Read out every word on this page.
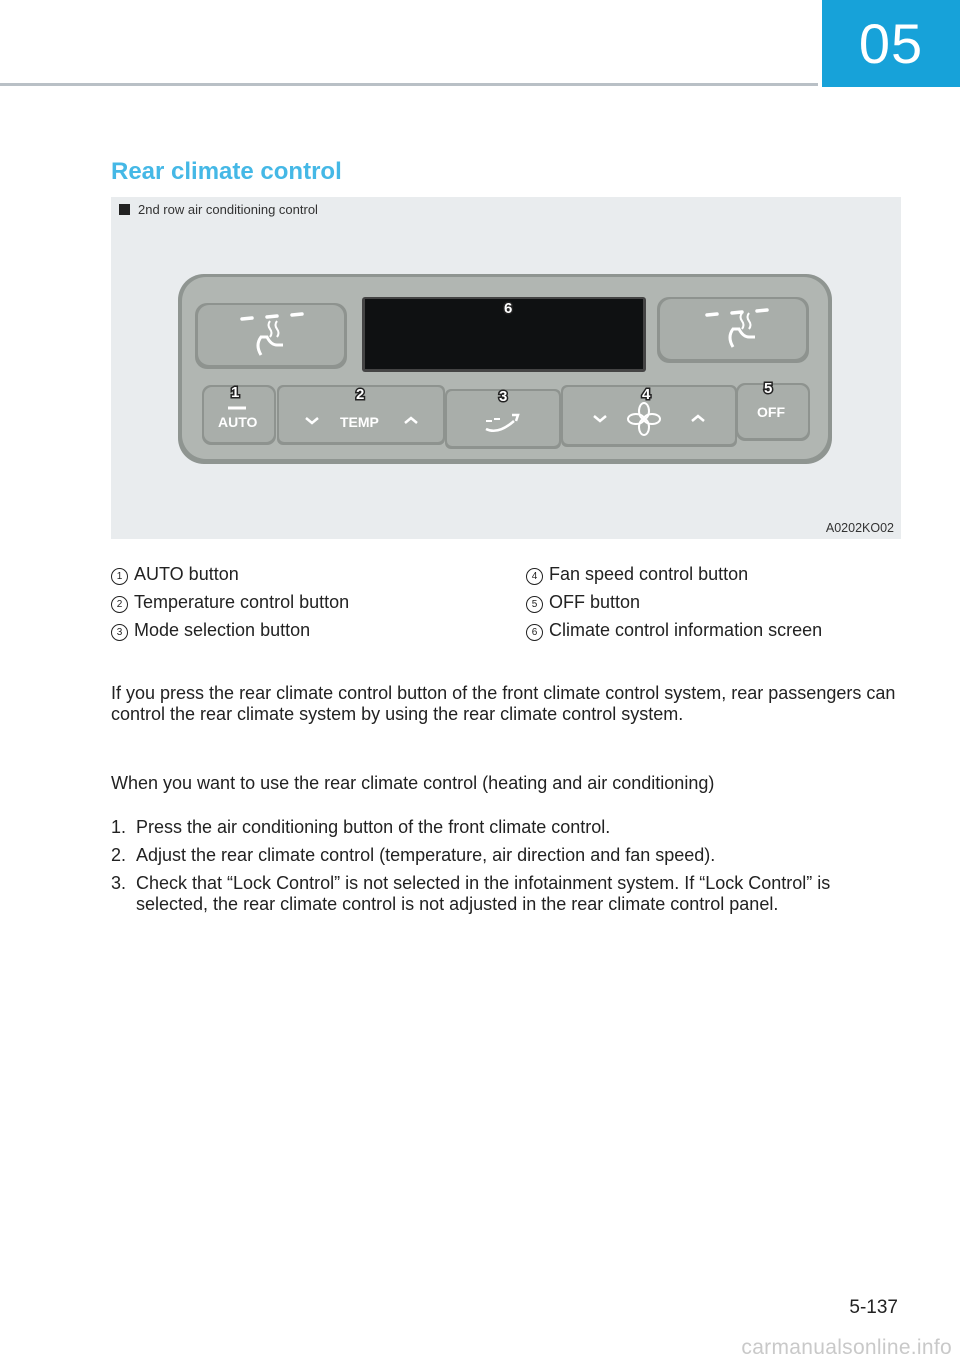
05
Rear climate control
AUTO	TEMP
OFF
1	2	3	4	5
6
2nd row air conditioning control
A0202KO02
1 AUTO button	4 Fan speed control button
2 Temperature control button	5 OFF button
3 Mode selection button	6 Climate control information screen

If you press the rear climate control button of the front climate control system, rear passengers can control the rear climate system by using the rear climate control system.

When you want to use the rear climate control (heating and air conditioning)

1. Press the air conditioning button of the front climate control.
2. Adjust the rear climate control (temperature, air direction and fan speed).
3. Check that “Lock Control” is not selected in the infotainment system. If “Lock Control” is selected, the rear climate control is not adjusted in the rear climate control panel.
5-137
carmanualsonline.info
